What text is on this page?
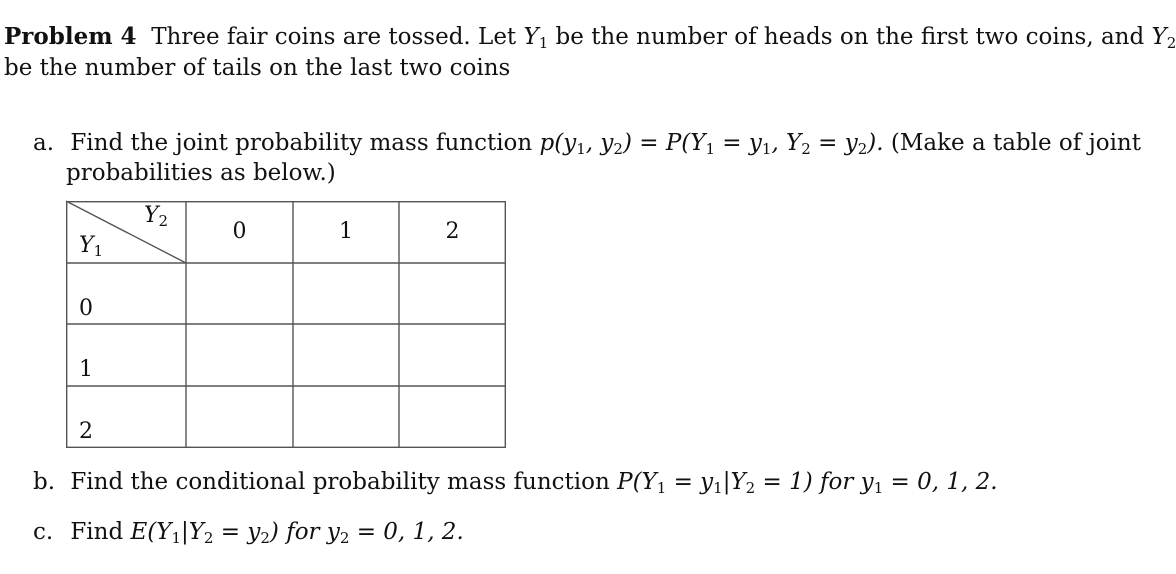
Problem 4 Three fair coins are tossed. Let $Y_1$ be the number of heads on the first two coins, and $Y_2$
be the number of tails on the last two coins
a. Find the joint probability mass function $p(y_1$, $y_2) = P(Y_1 = y_1$, $Y_2 = y_2$). (Make a table of joint
probabilities as below.)
$Y_2$
$Y_1$
0	1	2
0
1
2
b. Find the conditional probability mass function $P(Y_1 = y_1|Y_2 = 1)$ for $y_1 = 0$, 1, 2.
c. Find $E(Y_1|Y_2 = y_2)$ for $y_2 = 0$, 1, 2.
